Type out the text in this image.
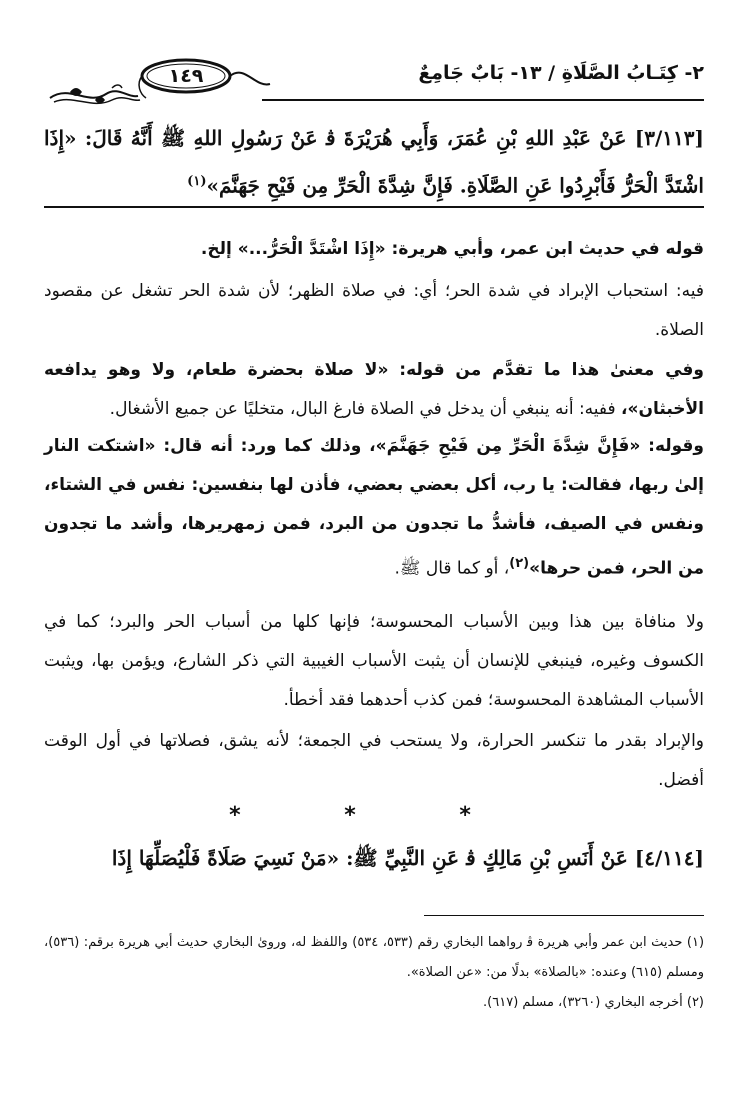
١٤٩	٢- كِتَـابُ الصَّلَاةِ / ١٣- بَابٌ جَامِعٌ
[٣/١١٣] عَنْ عَبْدِ اللهِ بْنِ عُمَرَ، وَأَبِي هُرَيْرَةَ ﭬ عَنْ رَسُولِ اللهِ ﷺ أَنَّهُ قَالَ: «إِذَا اشْتَدَّ الْحَرُّ فَأَبْرِدُوا عَنِ الصَّلَاةِ. فَإِنَّ شِدَّةَ الْحَرِّ مِن فَيْحِ جَهَنَّمَ»$^{(١)}$
قوله في حديث ابن عمر، وأبي هريرة: «إِذَا اشْتَدَّ الْحَرُّ...» إلخ.
فيه: استحباب الإبراد في شدة الحر؛ أي: في صلاة الظهر؛ لأن شدة الحر تشغل عن مقصود الصلاة.
وفي معنىٰ هذا ما تقدَّم من قوله: «لا صلاة بحضرة طعام، ولا وهو يدافعه الأخبثان»، ففيه: أنه ينبغي أن يدخل في الصلاة فارغ البال، متخليًا عن جميع الأشغال.
وقوله: «فَإِنَّ شِدَّةَ الْحَرِّ مِن فَيْحِ جَهَنَّمَ»، وذلك كما ورد: أنه قال: «اشتكت النار إلىٰ ربها، فقالت: يا رب، أكل بعضي بعضي، فأذن لها بنفسين: نفس في الشتاء، ونفس في الصيف، فأشدُّ ما تجدون من البرد، فمن زمهريرها، وأشد ما تجدون من الحر، فمن حرها»$^{(٢)}$، أو كما قال ﷺ.
ولا منافاة بين هذا وبين الأسباب المحسوسة؛ فإنها كلها من أسباب الحر والبرد؛ كما في الكسوف وغيره، فينبغي للإنسان أن يثبت الأسباب الغيبية التي ذكر الشارع، ويؤمن بها، ويثبت الأسباب المشاهدة المحسوسة؛ فمن كذب أحدهما فقد أخطأ.
والإبراد بقدر ما تنكسر الحرارة، ولا يستحب في الجمعة؛ لأنه يشق، فصلاتها في أول الوقت أفضل.
* * *
[٤/١١٤] عَنْ أَنَسِ بْنِ مَالِكٍ ﭬ عَنِ النَّبِيِّ ﷺ: «مَنْ نَسِيَ صَلَاةً فَلْيُصَلِّهَا إِذَا
(١) حديث ابن عمر وأبي هريرة ﭬ رواهما البخاري رقم (٥٣٣، ٥٣٤) واللفظ له، وروىٰ البخاري حديث أبي هريرة برقم: (٥٣٦)، ومسلم (٦١٥) وعنده: «بالصلاة» بدلًا من: «عن الصلاة».
(٢) أخرجه البخاري (٣٢٦٠)، مسلم (٦١٧).
